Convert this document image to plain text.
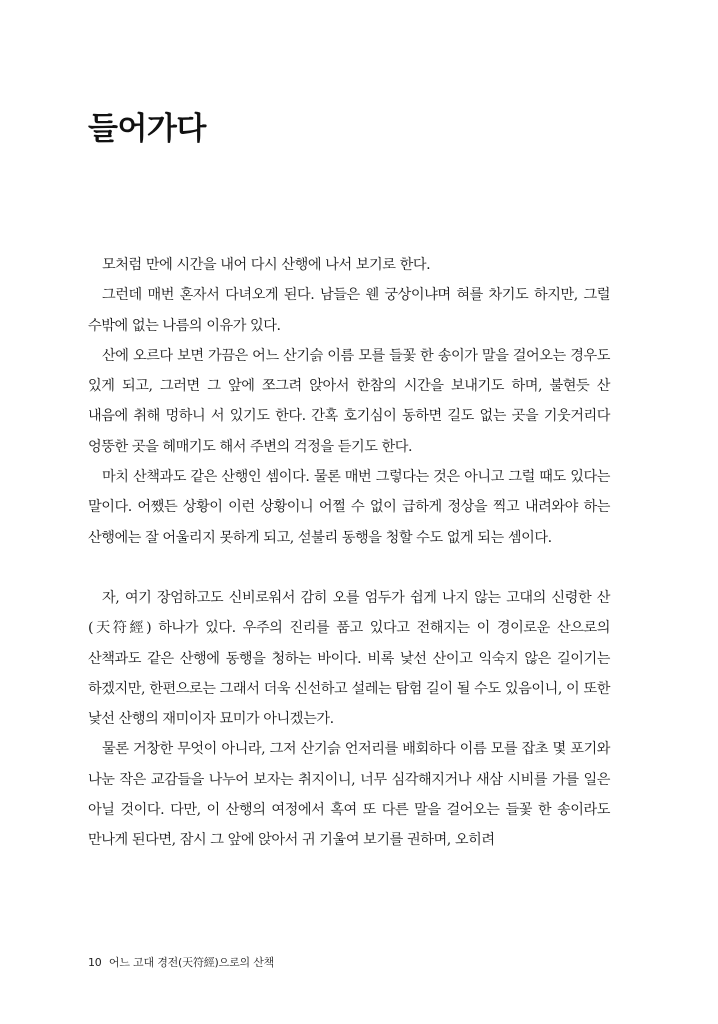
들어가다

모처럼 만에 시간을 내어 다시 산행에 나서 보기로 한다.

그런데 매번 혼자서 다녀오게 된다. 남들은 웬 궁상이냐며 혀를 차기도 하지만, 그럴 수밖에 없는 나름의 이유가 있다.

산에 오르다 보면 가끔은 어느 산기슭 이름 모를 들꽃 한 송이가 말을 걸어오는 경우도 있게 되고, 그러면 그 앞에 쪼그려 앉아서 한참의 시간을 보내기도 하며, 불현듯 산 내음에 취해 멍하니 서 있기도 한다. 간혹 호기심이 동하면 길도 없는 곳을 기웃거리다 엉뚱한 곳을 헤매기도 해서 주변의 걱정을 듣기도 한다.

마치 산책과도 같은 산행인 셈이다. 물론 매번 그렇다는 것은 아니고 그럴 때도 있다는 말이다. 어쨌든 상황이 이런 상황이니 어쩔 수 없이 급하게 정상을 찍고 내려와야 하는 산행에는 잘 어울리지 못하게 되고, 섣불리 동행을 청할 수도 없게 되는 셈이다.

자, 여기 장엄하고도 신비로워서 감히 오를 엄두가 쉽게 나지 않는 고대의 신령한 산(天符經) 하나가 있다. 우주의 진리를 품고 있다고 전해지는 이 경이로운 산으로의 산책과도 같은 산행에 동행을 청하는 바이다. 비록 낯선 산이고 익숙지 않은 길이기는 하겠지만, 한편으로는 그래서 더욱 신선하고 설레는 탐험 길이 될 수도 있음이니, 이 또한 낯선 산행의 재미이자 묘미가 아니겠는가.

물론 거창한 무엇이 아니라, 그저 산기슭 언저리를 배회하다 이름 모를 잡초 몇 포기와 나눈 작은 교감들을 나누어 보자는 취지이니, 너무 심각해지거나 새삼 시비를 가를 일은 아닐 것이다. 다만, 이 산행의 여정에서 혹여 또 다른 말을 걸어오는 들꽃 한 송이라도 만나게 된다면, 잠시 그 앞에 앉아서 귀 기울여 보기를 권하며, 오히려

10 어느 고대 경전(天符經)으로의 산책
